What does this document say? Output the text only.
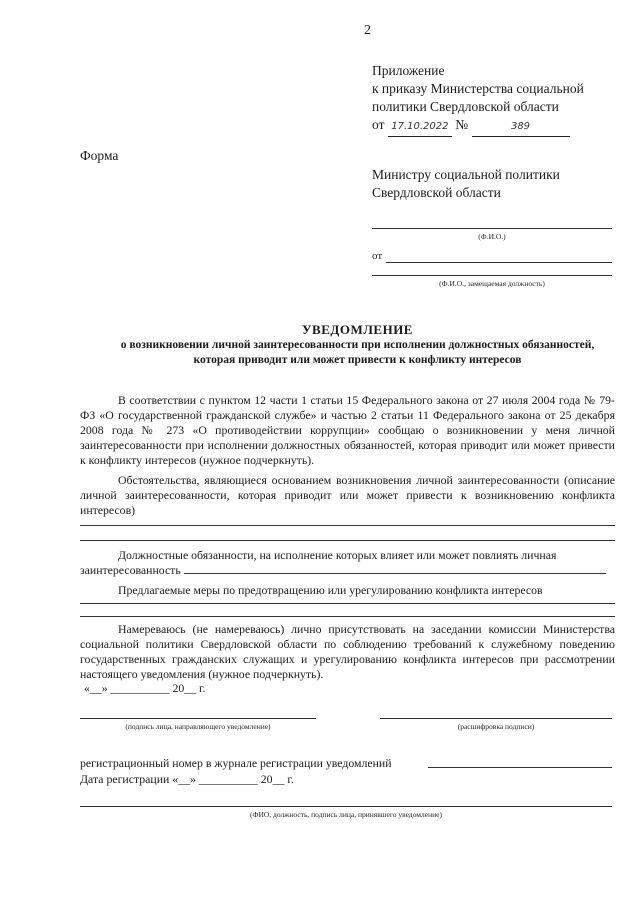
2
Приложение
к приказу Министерства социальной
политики Свердловской области
от 17.10.2022 №	389
Форма
Министру социальной политики
Свердловской области
(Ф.И.О.)
от
(Ф.И.О., замещаемая должность)
УВЕДОМЛЕНИЕ
о возникновении личной заинтересованности при исполнении должностных обязанностей,
которая приводит или может привести к конфликту интересов
В соответствии с пунктом 12 части 1 статьи 15 Федерального закона от 27 июля 2004 года № 79-ФЗ «О государственной гражданской службе» и частью 2 статьи 11 Федерального закона от 25 декабря 2008 года № 273 «О противодействии коррупции» сообщаю о возникновении у меня личной заинтересованности при исполнении должностных обязанностей, которая приводит или может привести к конфликту интересов (нужное подчеркнуть).
Обстоятельства, являющиеся основанием возникновения личной заинтересованности (описание личной заинтересованности, которая приводит или может привести к возникновению конфликта интересов)
Должностные обязанности, на исполнение которых влияет или может повлиять личная
заинтересованность
Предлагаемые меры по предотвращению или урегулированию конфликта интересов
Намереваюсь (не намереваюсь) лично присутствовать на заседании комиссии Министерства социальной политики Свердловской области по соблюдению требований к служебному поведению государственных гражданских служащих и урегулированию конфликта интересов при рассмотрении настоящего уведомления (нужное подчеркнуть).
«__» __________ 20__ г.
(подпись лица, направляющего уведомление)	(расшифровка подписи)
регистрационный номер в журнале регистрации уведомлений
Дата регистрации «__» __________ 20__ г.
(ФИО, должность, подпись лица, принявшего уведомление)
